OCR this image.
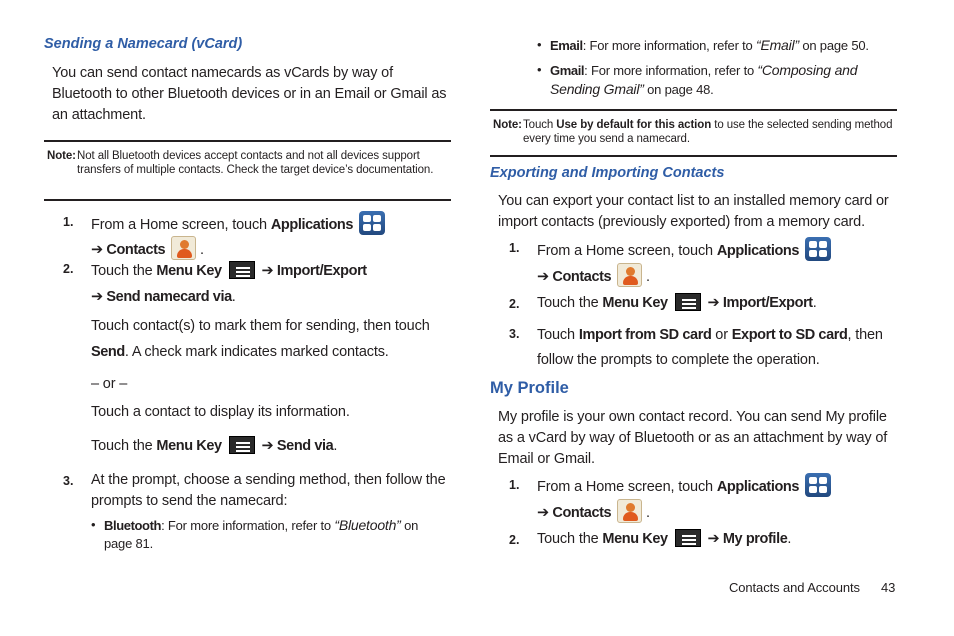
Sending a Namecard (vCard)
You can send contact namecards as vCards by way of Bluetooth to other Bluetooth devices or in an Email or Gmail as an attachment.
Note: Not all Bluetooth devices accept contacts and not all devices support transfers of multiple contacts. Check the target device’s documentation.
1. From a Home screen, touch Applications

➔ Contacts
.
2. Touch the Menu Key	➔ Import/Export
➔ Send namecard via.
Touch contact(s) to mark them for sending, then touch Send. A check mark indicates marked contacts.
– or –
Touch a contact to display its information.
Touch the Menu Key	➔ Send via.
3. At the prompt, choose a sending method, then follow the prompts to send the namecard:
• Bluetooth: For more information, refer to “Bluetooth” on page 81.
• Email: For more information, refer to “Email” on page 50.
• Gmail: For more information, refer to “Composing and Sending Gmail” on page 48.
Note: Touch Use by default for this action to use the selected sending method every time you send a namecard.
Exporting and Importing Contacts
You can export your contact list to an installed memory card or import contacts (previously exported) from a memory card.
1. From a Home screen, touch Applications

➔ Contacts
.
2. Touch the Menu Key	➔ Import/Export.
3. Touch Import from SD card or Export to SD card, then follow the prompts to complete the operation.
My Profile
My profile is your own contact record. You can send My profile as a vCard by way of Bluetooth or as an attachment by way of Email or Gmail.
1. From a Home screen, touch Applications

➔ Contacts
.
2. Touch the Menu Key	➔ My profile.
Contacts and Accounts 43
